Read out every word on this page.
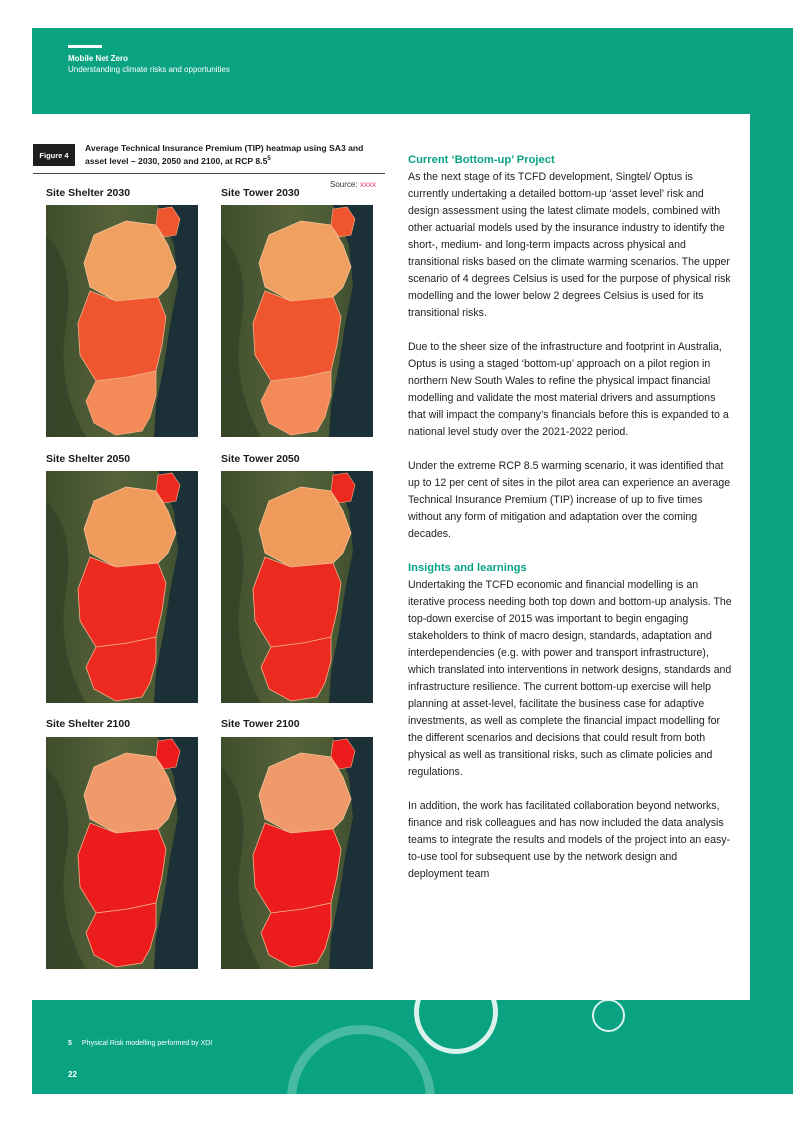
Mobile Net Zero
Understanding climate risks and opportunities
Figure 4
Average Technical Insurance Premium (TIP) heatmap using SA3 and asset level – 2030, 2050 and 2100, at RCP $8.5^5$
Source: xxxx
Site Shelter 2030	Site Tower 2030
Site Shelter 2050	Site Tower 2050
Site Shelter 2100	Site Tower 2100
Current ‘Bottom-up’ Project

As the next stage of its TCFD development, Singtel/ Optus is currently undertaking a detailed bottom-up ‘asset level’ risk and design assessment using the latest climate models, combined with other actuarial models used by the insurance industry to identify the short-, medium- and long-term impacts across physical and transitional risks based on the climate warming scenarios. The upper scenario of 4 degrees Celsius is used for the purpose of physical risk modelling and the lower below 2 degrees Celsius is used for its transitional risks.

Due to the sheer size of the infrastructure and footprint in Australia, Optus is using a staged ‘bottom-up’ approach on a pilot region in northern New South Wales to refine the physical impact financial modelling and validate the most material drivers and assumptions that will impact the company’s financials before this is expanded to a national level study over the 2021-2022 period.

Under the extreme RCP 8.5 warming scenario, it was identified that up to 12 per cent of sites in the pilot area can experience an average Technical Insurance Premium (TIP) increase of up to five times without any form of mitigation and adaptation over the coming decades.

Insights and learnings

Undertaking the TCFD economic and financial modelling is an iterative process needing both top down and bottom-up analysis. The top-down exercise of 2015 was important to begin engaging stakeholders to think of macro design, standards, adaptation and interdependencies (e.g. with power and transport infrastructure), which translated into interventions in network designs, standards and infrastructure resilience. The current bottom-up exercise will help planning at asset-level, facilitate the business case for adaptive investments, as well as complete the financial impact modelling for the different scenarios and decisions that could result from both physical as well as transitional risks, such as climate policies and regulations.

In addition, the work has facilitated collaboration beyond networks, finance and risk colleagues and has now included the data analysis teams to integrate the results and models of the project into an easy-to-use tool for subsequent use by the network design and deployment team

5 Physical Risk modelling performed by XDI
22
